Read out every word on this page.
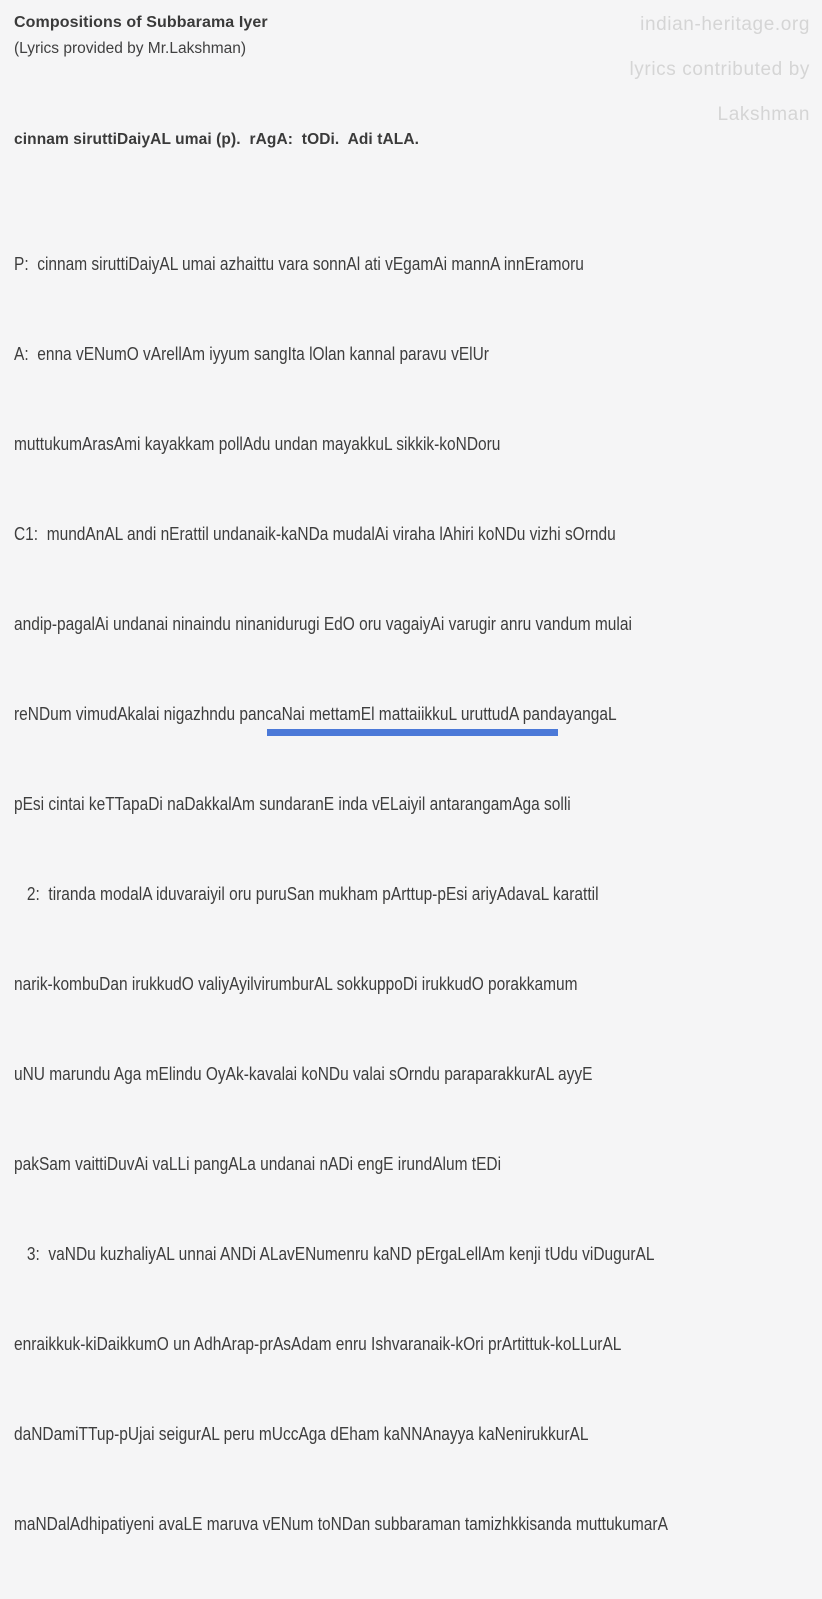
Compositions of Subbarama Iyer
(Lyrics provided by Mr.Lakshman)
indian-heritage.org
lyrics contributed by
Lakshman
cinnam siruttiDaiyAL umai (p).  rAgA:  tODi.  Adi tALA.

P:  cinnam siruttiDaiyAL umai azhaittu vara sonnAl ati vEgamAi mannA innEramoru

A:  enna vENumO vArellAm iyyum sangIta lOlan kannal paravu vElUr

muttukumArasAmi kayakkam pollAdu undan mayakkuL sikkik-koNDoru

C1:  mundAnAL andi nErattil undanaik-kaNDa mudalAi viraha lAhiri koNDu vizhi sOrndu

andip-pagalAi undanai ninaindu ninanidurugi EdO oru vagaiyAi varugir anru vandum mulai

reNDum vimudAkalai nigazhndu pancaNai mettamEl mattaiikkuL uruttudA pandayangaL

pEsi cintai keTTapaDi naDakkalAm sundaranE inda vELaiyil antarangamAga solli

2:  tiranda modalA iduvaraiyil oru puruSan mukham pArttup-pEsi ariyAdavaL karattil

narik-kombuDan irukkudO valiyAyilvirumburAL sokkuppoDi irukkudO porakkamum

uNU marundu Aga mElindu OyAk-kavalai koNDu valai sOrndu paraparakkurAL ayyE

pakSam vaittiDuvAi vaLLi pangALa undanai nADi engE irundAlum tEDi

3:  vaNDu kuzhaliyAL unnai ANDi ALavENumenru kaND pErgaLellAm kenji tUdu viDugurAL

enraikkuk-kiDaikkumO un AdhArap-prAsAdam enru Ishvaranaik-kOri prArtittuk-koLLurAL

daNDamiTTup-pUjai seigurAL peru mUccAga dEham kaNNAnayya kaNenirukkurAL

maNDalAdhipatiyeni avaLE maruva vENum toNDan subbaraman tamizhkkisanda muttukumarA
